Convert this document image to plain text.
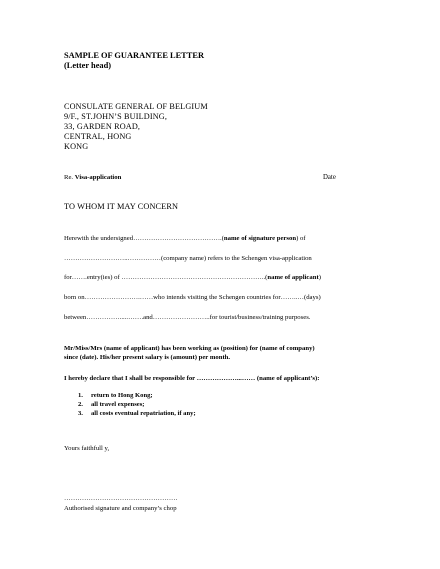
SAMPLE OF GUARANTEE LETTER
(Letter head)
CONSULATE GENERAL OF BELGIUM
9/F., ST.JOHN’S BUILDING,
33, GARDEN ROAD,
CENTRAL, HONG
KONG
Re. Visa-application	Date
TO WHOM IT MAY CONCERN
Herewith the undersigned………………………………….(name of signature person) of
………………………..……………(company name) refers to the Schengen visa-application
for…….entry(ies) of ………………………………………………………..(name of applicant)
born on…………………….……who intends visiting the Schengen countries for……..…(days)
between…………….....…….and……………………..for tourist/business/training purposes.
Mr/Miss/Mrs (name of applicant) has been working as (position) for (name of company)
since (date). His/her present salary is (amount) per month.
I hereby declare that I shall be responsible for ………………...…… (name of applicant’s):
1. return to Hong Kong;
2. all travel expenses;
3. all costs eventual repatriation, if any;
Yours faithfull y,
……………………………………………
Authorised signature and company’s chop
